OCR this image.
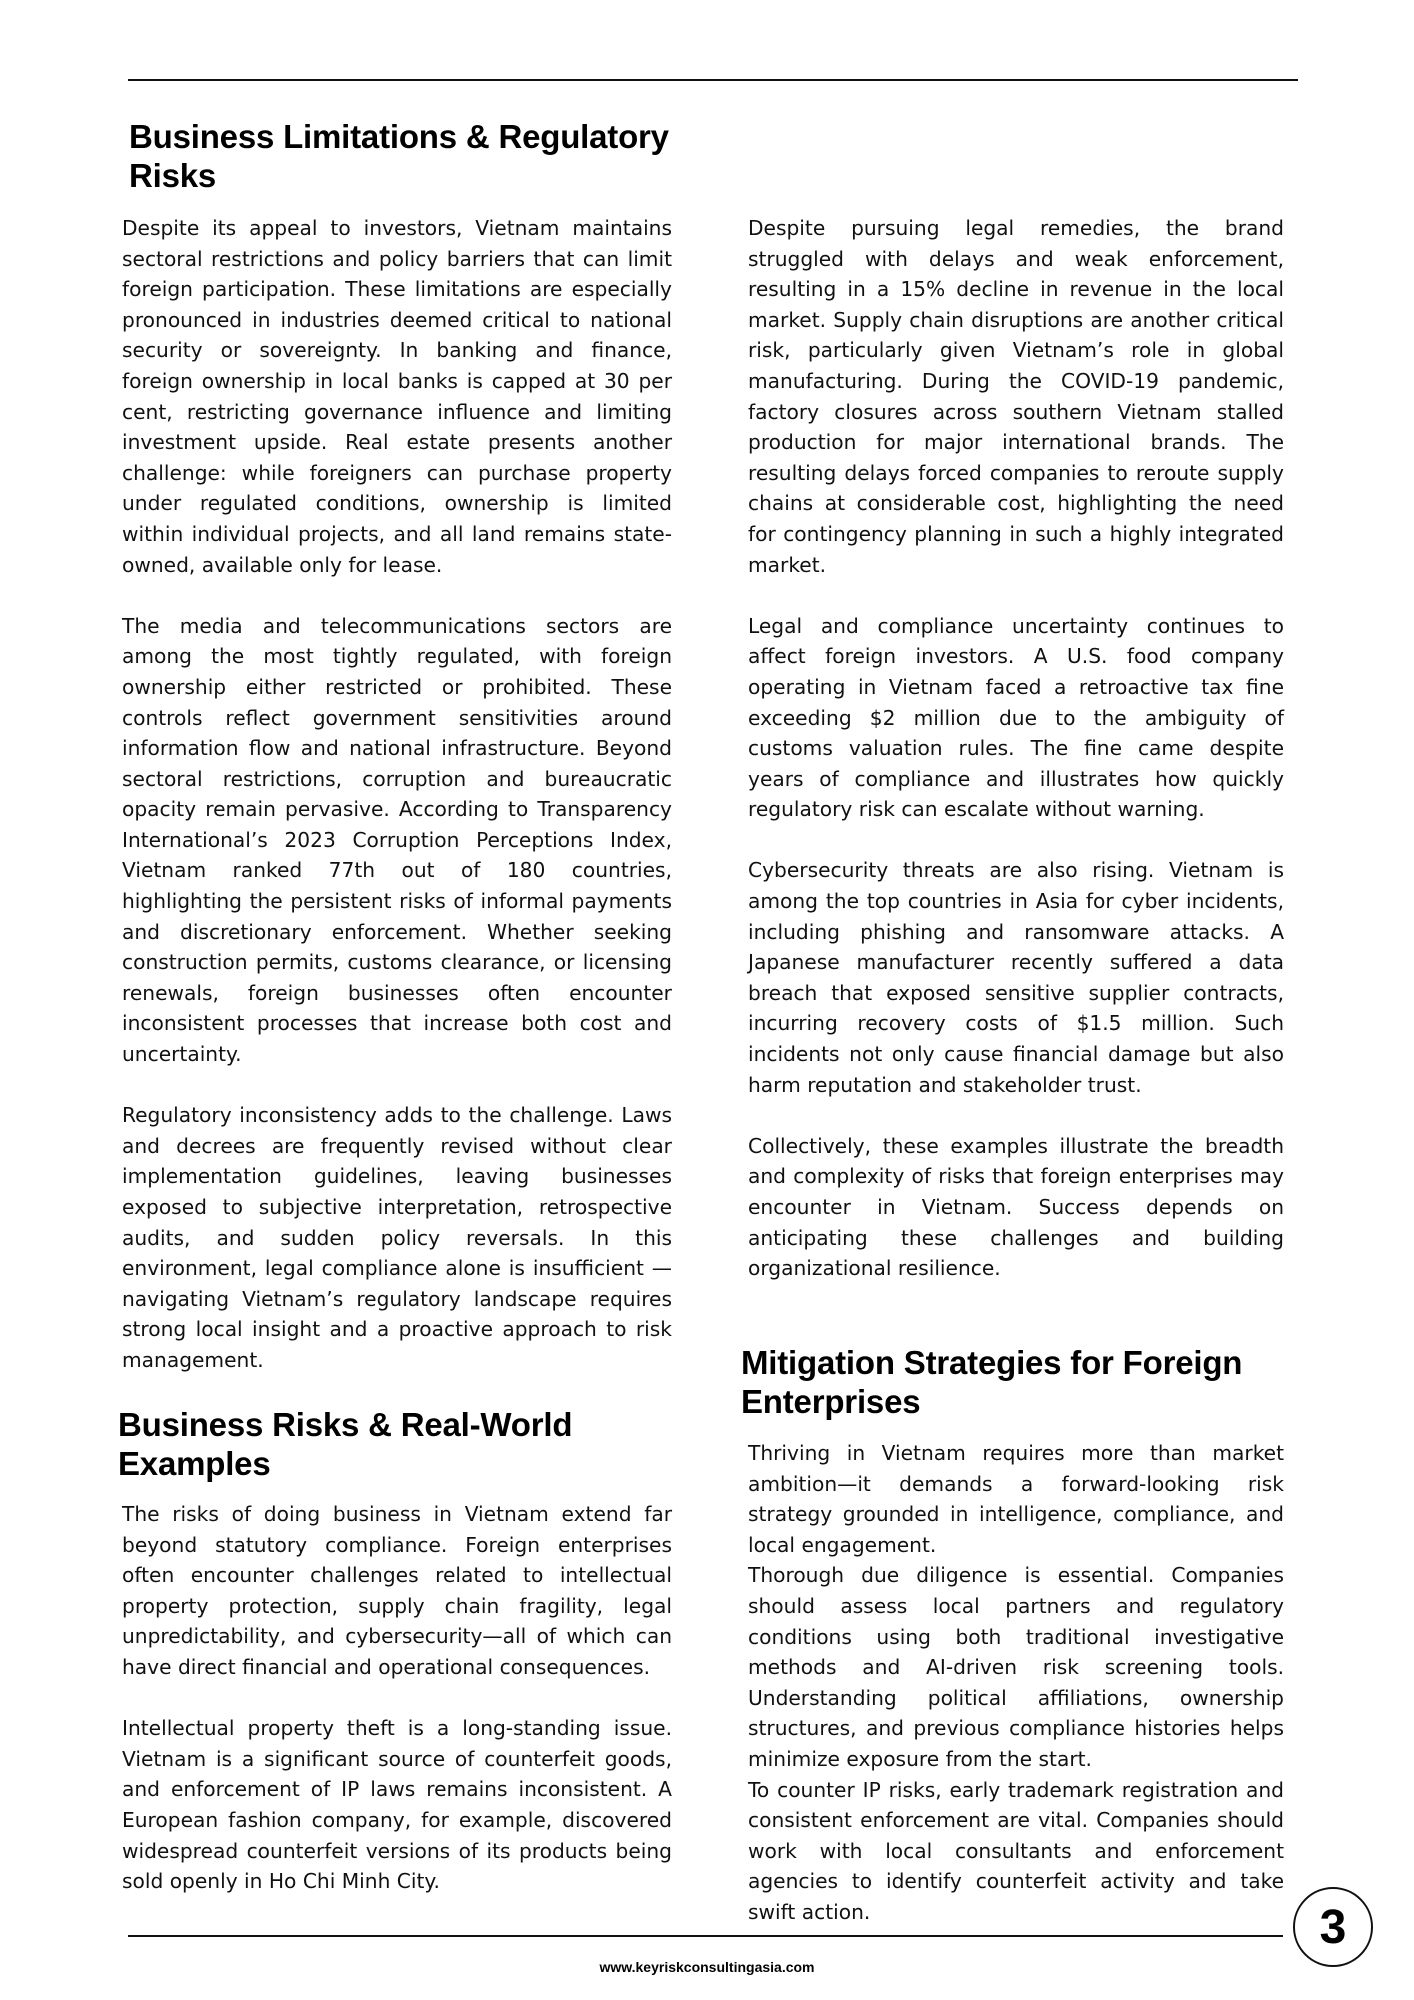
Business Limitations & Regulatory Risks

Despite its appeal to investors, Vietnam maintains sectoral restrictions and policy barriers that can limit foreign participation. These limitations are especially pronounced in industries deemed critical to national security or sovereignty. In banking and finance, foreign ownership in local banks is capped at 30 per cent, restricting governance influence and limiting investment upside. Real estate presents another challenge: while foreigners can purchase property under regulated conditions, ownership is limited within individual projects, and all land remains state-owned, available only for lease.

The media and telecommunications sectors are among the most tightly regulated, with foreign ownership either restricted or prohibited. These controls reflect government sensitivities around information flow and national infrastructure. Beyond sectoral restrictions, corruption and bureaucratic opacity remain pervasive. According to Transparency International’s 2023 Corruption Perceptions Index, Vietnam ranked 77th out of 180 countries, highlighting the persistent risks of informal payments and discretionary enforcement. Whether seeking construction permits, customs clearance, or licensing renewals, foreign businesses often encounter inconsistent processes that increase both cost and uncertainty.

Regulatory inconsistency adds to the challenge. Laws and decrees are frequently revised without clear implementation guidelines, leaving businesses exposed to subjective interpretation, retrospective audits, and sudden policy reversals. In this environment, legal compliance alone is insufficient —navigating Vietnam’s regulatory landscape requires strong local insight and a proactive approach to risk management.

Business Risks & Real-World Examples

The risks of doing business in Vietnam extend far beyond statutory compliance. Foreign enterprises often encounter challenges related to intellectual property protection, supply chain fragility, legal unpredictability, and cybersecurity—all of which can have direct financial and operational consequences.

Intellectual property theft is a long-standing issue. Vietnam is a significant source of counterfeit goods, and enforcement of IP laws remains inconsistent. A European fashion company, for example, discovered widespread counterfeit versions of its products being sold openly in Ho Chi Minh City.

Despite pursuing legal remedies, the brand struggled with delays and weak enforcement, resulting in a 15% decline in revenue in the local market. Supply chain disruptions are another critical risk, particularly given Vietnam’s role in global manufacturing. During the COVID-19 pandemic, factory closures across southern Vietnam stalled production for major international brands. The resulting delays forced companies to reroute supply chains at considerable cost, highlighting the need for contingency planning in such a highly integrated market.

Legal and compliance uncertainty continues to affect foreign investors. A U.S. food company operating in Vietnam faced a retroactive tax fine exceeding $2 million due to the ambiguity of customs valuation rules. The fine came despite years of compliance and illustrates how quickly regulatory risk can escalate without warning.

Cybersecurity threats are also rising. Vietnam is among the top countries in Asia for cyber incidents, including phishing and ransomware attacks. A Japanese manufacturer recently suffered a data breach that exposed sensitive supplier contracts, incurring recovery costs of $1.5 million. Such incidents not only cause financial damage but also harm reputation and stakeholder trust.

Collectively, these examples illustrate the breadth and complexity of risks that foreign enterprises may encounter in Vietnam. Success depends on anticipating these challenges and building organizational resilience.

Mitigation Strategies for Foreign Enterprises

Thriving in Vietnam requires more than market ambition—it demands a forward-looking risk strategy grounded in intelligence, compliance, and local engagement.

Thorough due diligence is essential. Companies should assess local partners and regulatory conditions using both traditional investigative methods and AI-driven risk screening tools. Understanding political affiliations, ownership structures, and previous compliance histories helps minimize exposure from the start.

To counter IP risks, early trademark registration and consistent enforcement are vital. Companies should work with local consultants and enforcement agencies to identify counterfeit activity and take swift action.	3
www.keyriskconsultingasia.com
